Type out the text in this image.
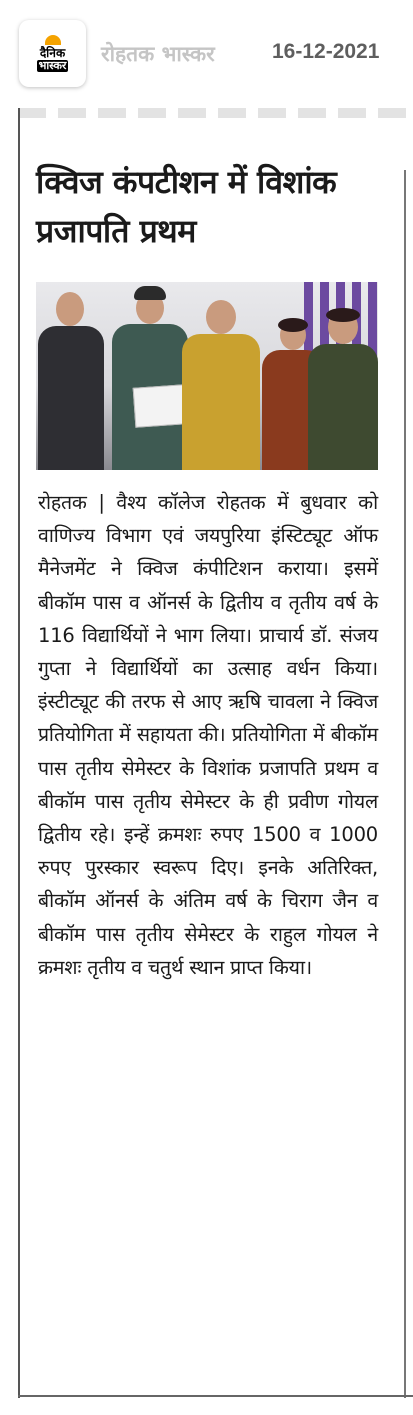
दैनिक
भास्कर रोहतक भास्कर	16-12-2021
क्विज कंपटीशन में विशांक प्रजापति प्रथम
रोहतक | वैश्य कॉलेज रोहतक में बुधवार को वाणिज्य विभाग एवं जयपुरिया इंस्टिट्यूट ऑफ मैनेजमेंट ने क्विज कंपीटिशन कराया। इसमें बीकॉम पास व ऑनर्स के द्वितीय व तृतीय वर्ष के 116 विद्यार्थियों ने भाग लिया। प्राचार्य डॉ. संजय गुप्ता ने विद्यार्थियों का उत्साह वर्धन किया। इंस्टीट्यूट की तरफ से आए ऋषि चावला ने क्विज प्रतियोगिता में सहायता की। प्रतियोगिता में बीकॉम पास तृतीय सेमेस्टर के विशांक प्रजापति प्रथम व बीकॉम पास तृतीय सेमेस्टर के ही प्रवीण गोयल द्वितीय रहे। इन्हें क्रमशः रुपए 1500 व 1000 रुपए पुरस्कार स्वरूप दिए। इनके अतिरिक्त, बीकॉम ऑनर्स के अंतिम वर्ष के चिराग जैन व बीकॉम पास तृतीय सेमेस्टर के राहुल गोयल ने क्रमशः तृतीय व चतुर्थ स्थान प्राप्त किया।
